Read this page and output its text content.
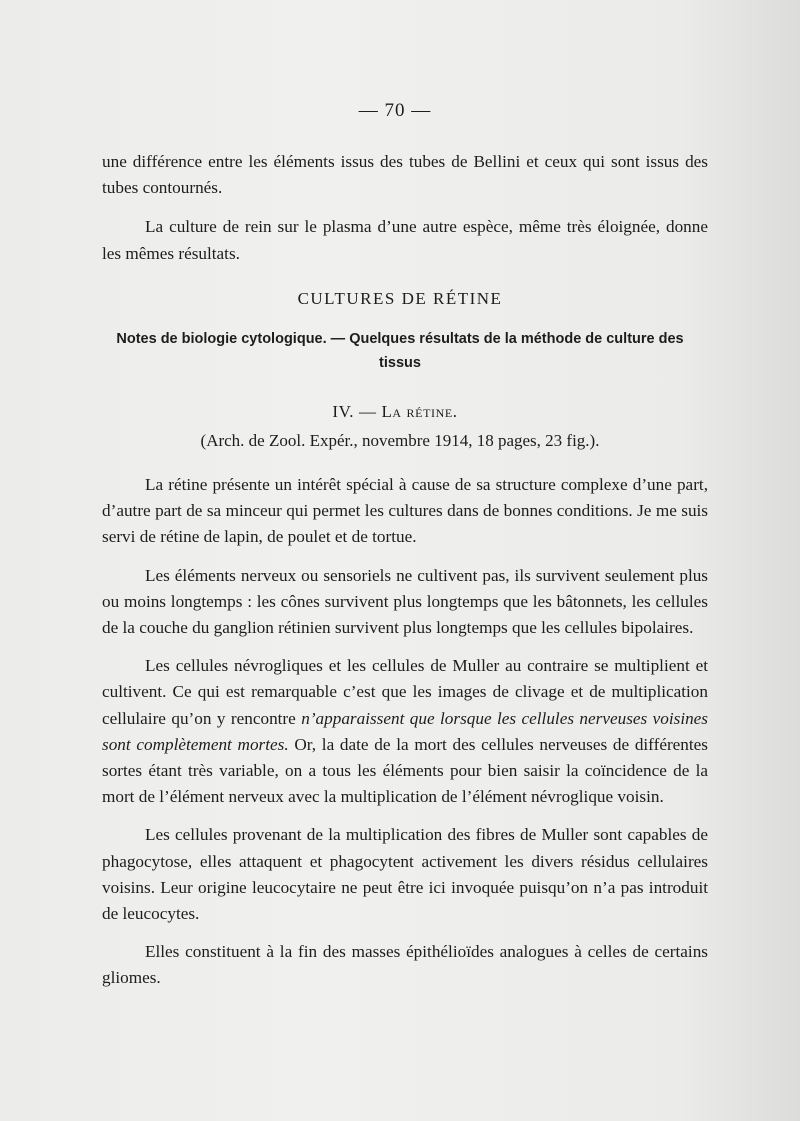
— 70 —

une différence entre les éléments issus des tubes de Bellini et ceux qui sont issus des tubes contournés.

La culture de rein sur le plasma d’une autre espèce, même très éloignée, donne les mêmes résultats.

CULTURES DE RÉTINE
Notes de biologie cytologique. — Quelques résultats de la méthode de culture des tissus
IV. — La rétine.
(Arch. de Zool. Expér., novembre 1914, 18 pages, 23 fig.).

La rétine présente un intérêt spécial à cause de sa structure complexe d’une part, d’autre part de sa minceur qui permet les cultures dans de bonnes conditions. Je me suis servi de rétine de lapin, de poulet et de tortue.

Les éléments nerveux ou sensoriels ne cultivent pas, ils survivent seulement plus ou moins longtemps : les cônes survivent plus longtemps que les bâtonnets, les cellules de la couche du ganglion rétinien survivent plus longtemps que les cellules bipolaires.

Les cellules névrogliques et les cellules de Muller au contraire se multiplient et cultivent. Ce qui est remarquable c’est que les images de clivage et de multiplication cellulaire qu’on y rencontre n’apparaissent que lorsque les cellules nerveuses voisines sont complètement mortes. Or, la date de la mort des cellules nerveuses de différentes sortes étant très variable, on a tous les éléments pour bien saisir la coïncidence de la mort de l’élément nerveux avec la multiplication de l’élément névroglique voisin.

Les cellules provenant de la multiplication des fibres de Muller sont capables de phagocytose, elles attaquent et phagocytent activement les divers résidus cellulaires voisins. Leur origine leucocytaire ne peut être ici invoquée puisqu’on n’a pas introduit de leucocytes.

Elles constituent à la fin des masses épithélioïdes analogues à celles de certains gliomes.
